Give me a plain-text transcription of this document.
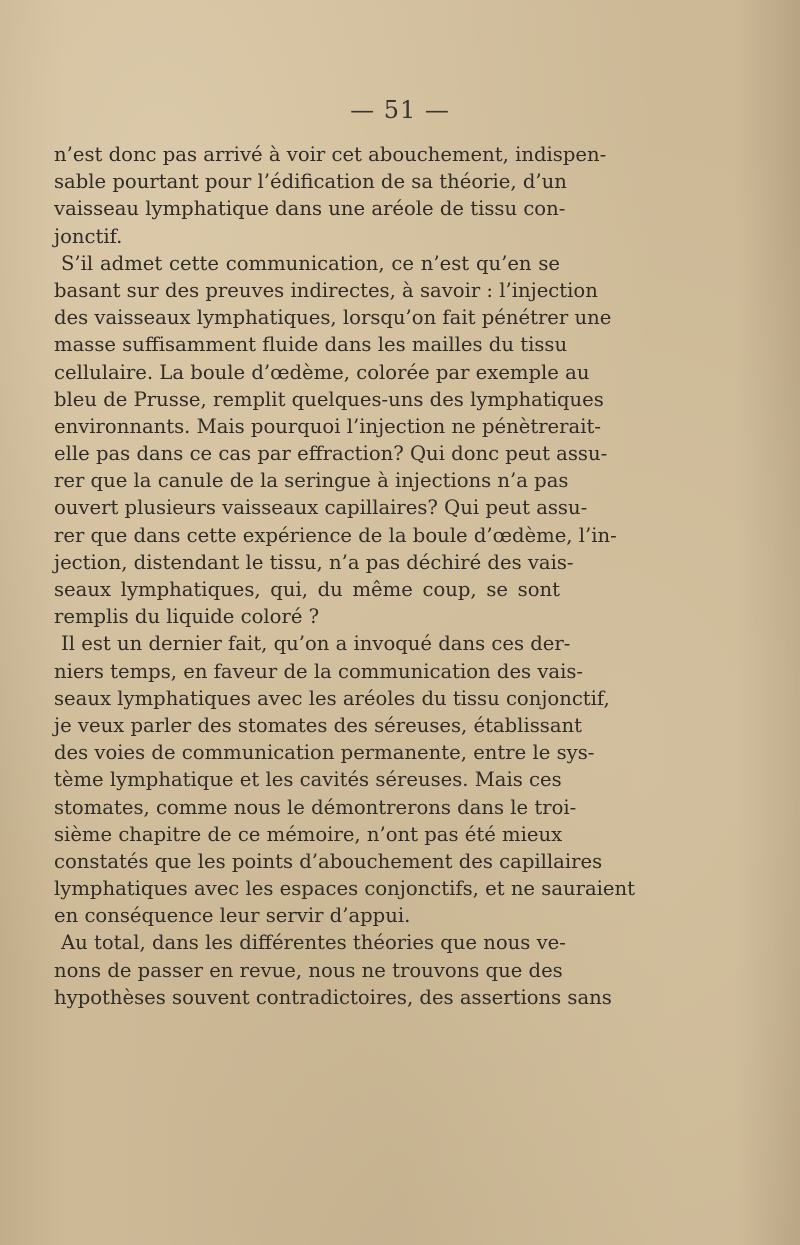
— 51 —
n’est donc pas arrivé à voir cet abouchement, indispen-
sable pourtant pour l’édification de sa théorie, d’un
vaisseau lymphatique dans une aréole de tissu con-
jonctif.
S’il admet cette communication, ce n’est qu’en se
basant sur des preuves indirectes, à savoir : l’injection
des vaisseaux lymphatiques, lorsqu’on fait pénétrer une
masse suffisamment fluide dans les mailles du tissu
cellulaire. La boule d’œdème, colorée par exemple au
bleu de Prusse, remplit quelques-uns des lymphatiques
environnants. Mais pourquoi l’injection ne pénètrerait-
elle pas dans ce cas par effraction? Qui donc peut assu-
rer que la canule de la seringue à injections n’a pas
ouvert plusieurs vaisseaux capillaires? Qui peut assu-
rer que dans cette expérience de la boule d’œdème, l’in-
jection, distendant le tissu, n’a pas déchiré des vais-
seaux lymphatiques, qui, du même coup, se sont
remplis du liquide coloré ?
Il est un dernier fait, qu’on a invoqué dans ces der-
niers temps, en faveur de la communication des vais-
seaux lymphatiques avec les aréoles du tissu conjonctif,
je veux parler des stomates des séreuses, établissant
des voies de communication permanente, entre le sys-
tème lymphatique et les cavités séreuses. Mais ces
stomates, comme nous le démontrerons dans le troi-
sième chapitre de ce mémoire, n’ont pas été mieux
constatés que les points d’abouchement des capillaires
lymphatiques avec les espaces conjonctifs, et ne sauraient
en conséquence leur servir d’appui.
Au total, dans les différentes théories que nous ve-
nons de passer en revue, nous ne trouvons que des
hypothèses souvent contradictoires, des assertions sans
